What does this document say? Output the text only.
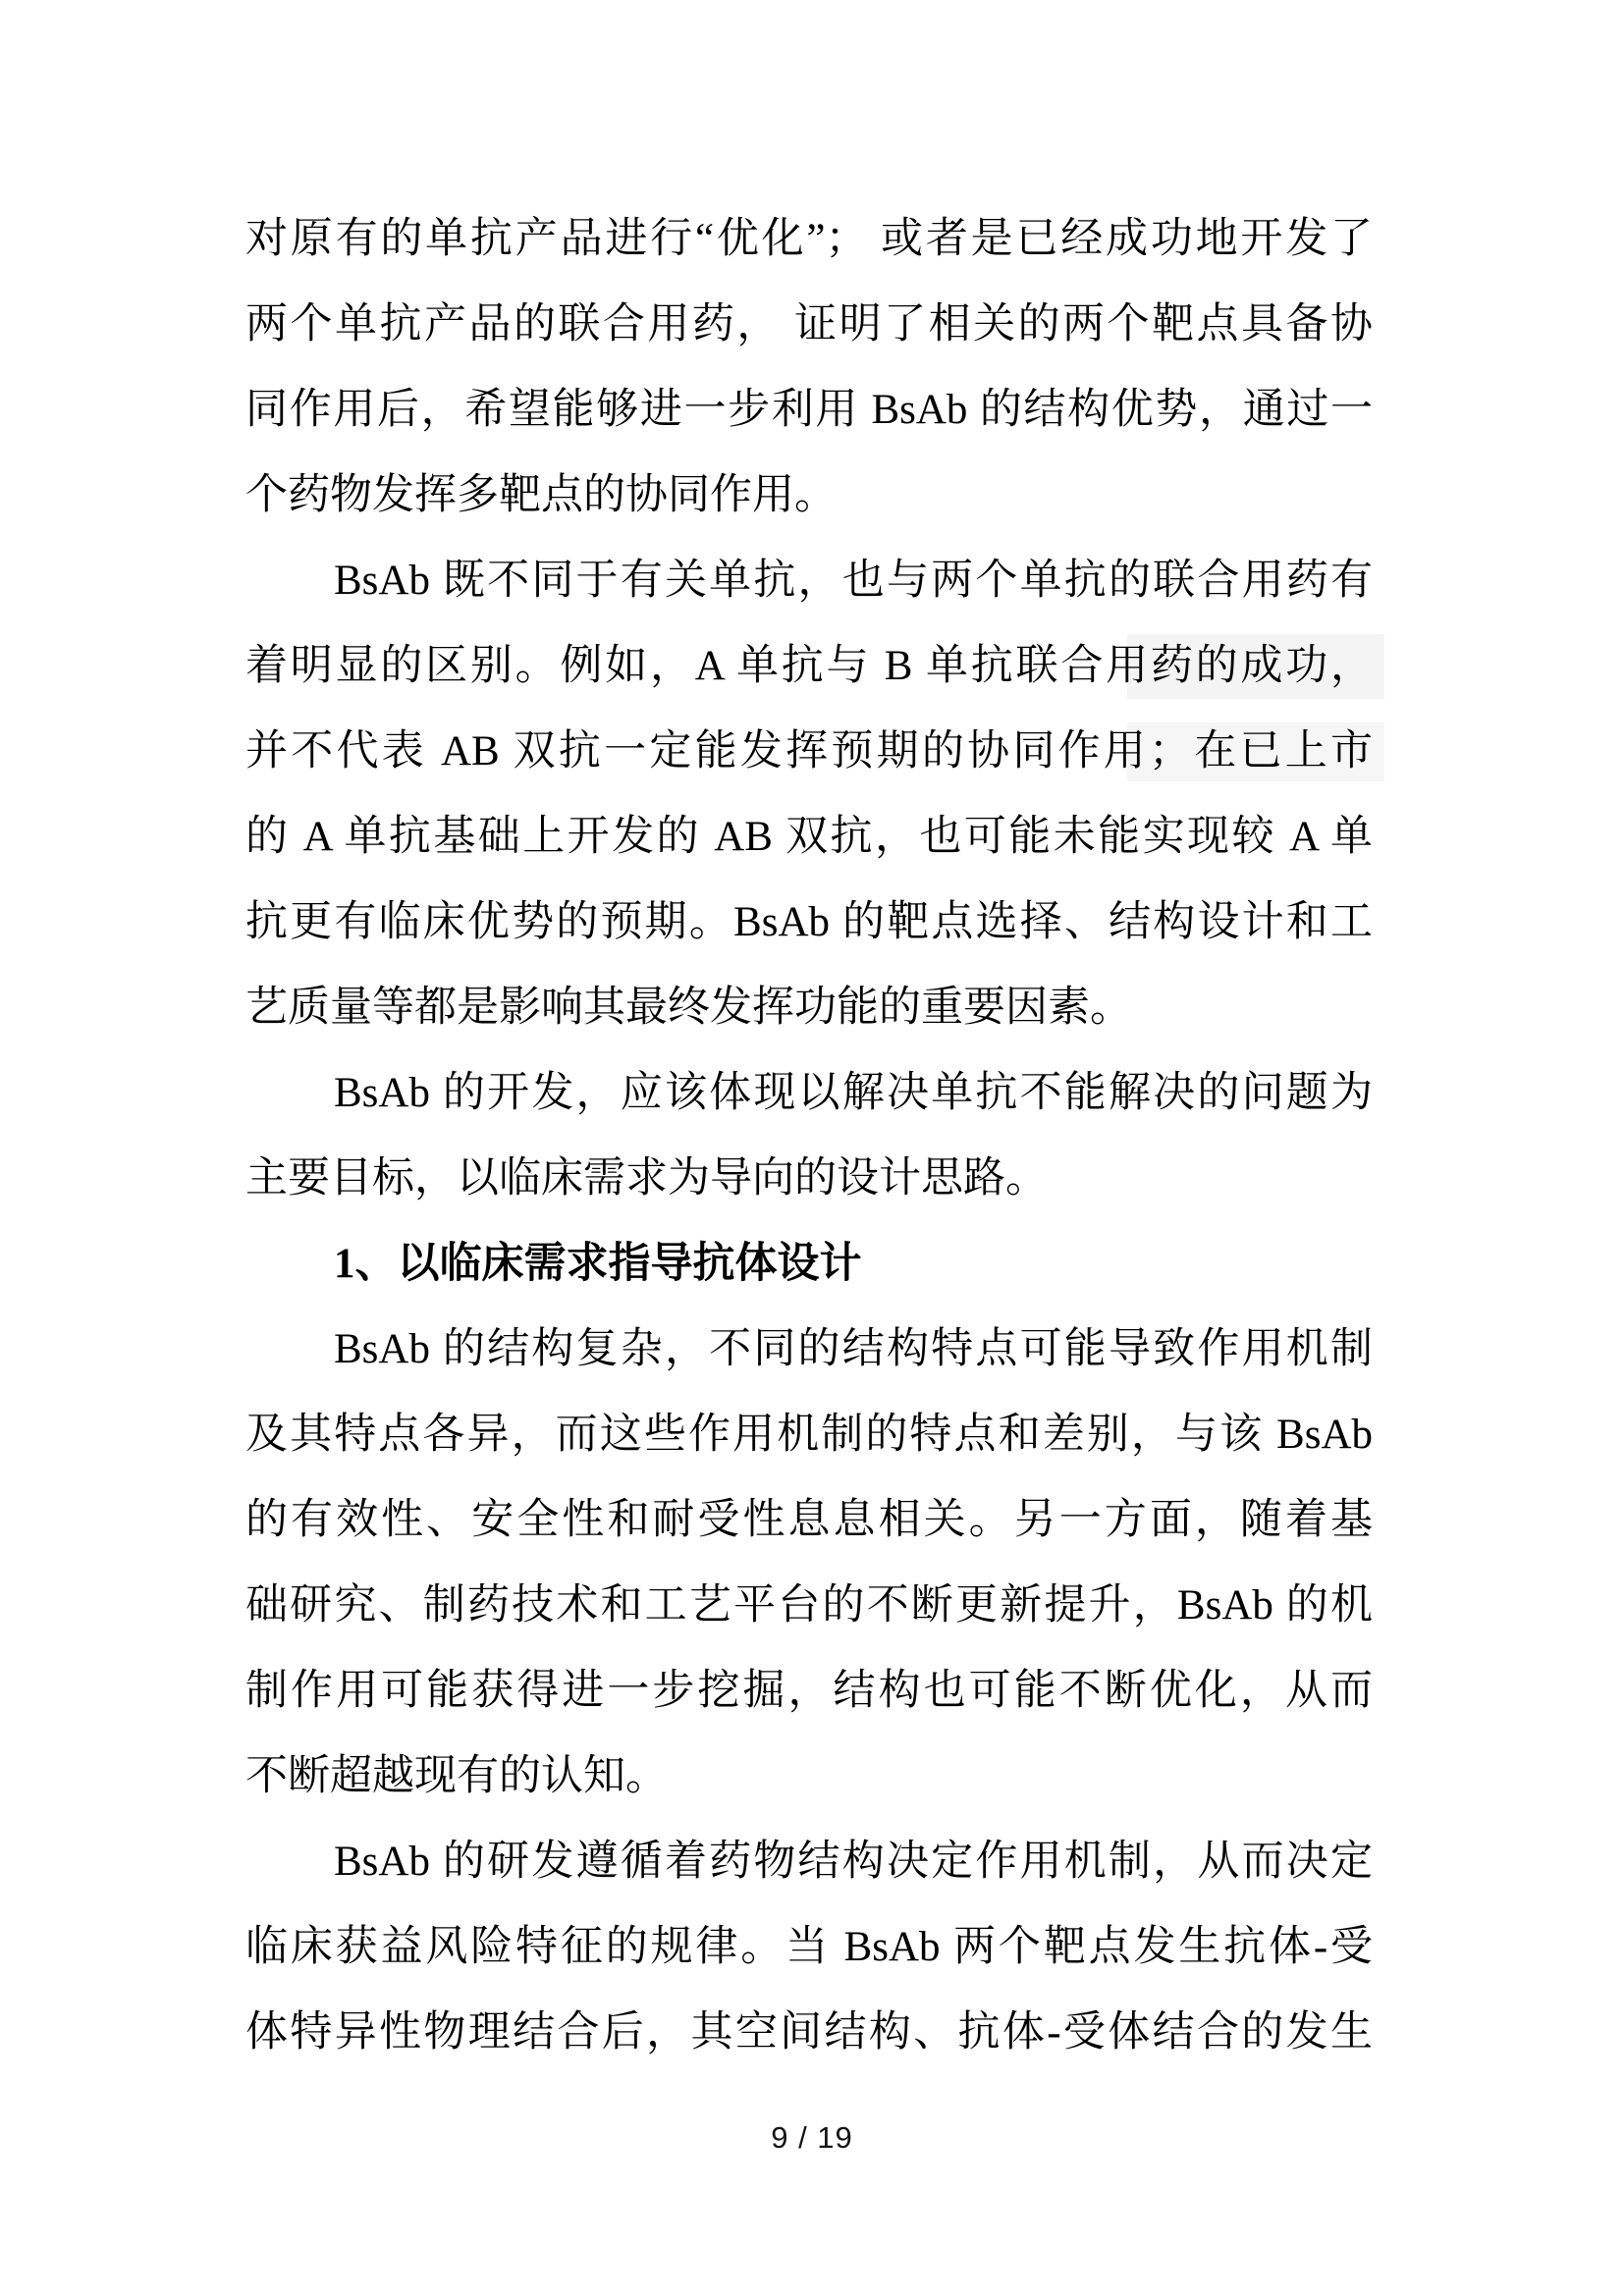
对原有的单抗产品进行“优化”； 或者是已经成功地开发了
两个单抗产品的联合用药， 证明了相关的两个靶点具备协
同作用后，希望能够进一步利用 BsAb 的结构优势，通过一
个药物发挥多靶点的协同作用。
BsAb 既不同于有关单抗，也与两个单抗的联合用药有
着明显的区别。例如，A 单抗与 B 单抗联合用药的成功，
并不代表 AB 双抗一定能发挥预期的协同作用；在已上市
的 A 单抗基础上开发的 AB 双抗，也可能未能实现较 A 单
抗更有临床优势的预期。BsAb 的靶点选择、结构设计和工
艺质量等都是影响其最终发挥功能的重要因素。
BsAb 的开发，应该体现以解决单抗不能解决的问题为
主要目标，以临床需求为导向的设计思路。
1、以临床需求指导抗体设计
BsAb 的结构复杂，不同的结构特点可能导致作用机制
及其特点各异，而这些作用机制的特点和差别，与该 BsAb
的有效性、安全性和耐受性息息相关。另一方面，随着基
础研究、制药技术和工艺平台的不断更新提升，BsAb 的机
制作用可能获得进一步挖掘，结构也可能不断优化，从而
不断超越现有的认知。
BsAb 的研发遵循着药物结构决定作用机制，从而决定
临床获益风险特征的规律。当 BsAb 两个靶点发生抗体-受
体特异性物理结合后，其空间结构、抗体-受体结合的发生
9 / 19
